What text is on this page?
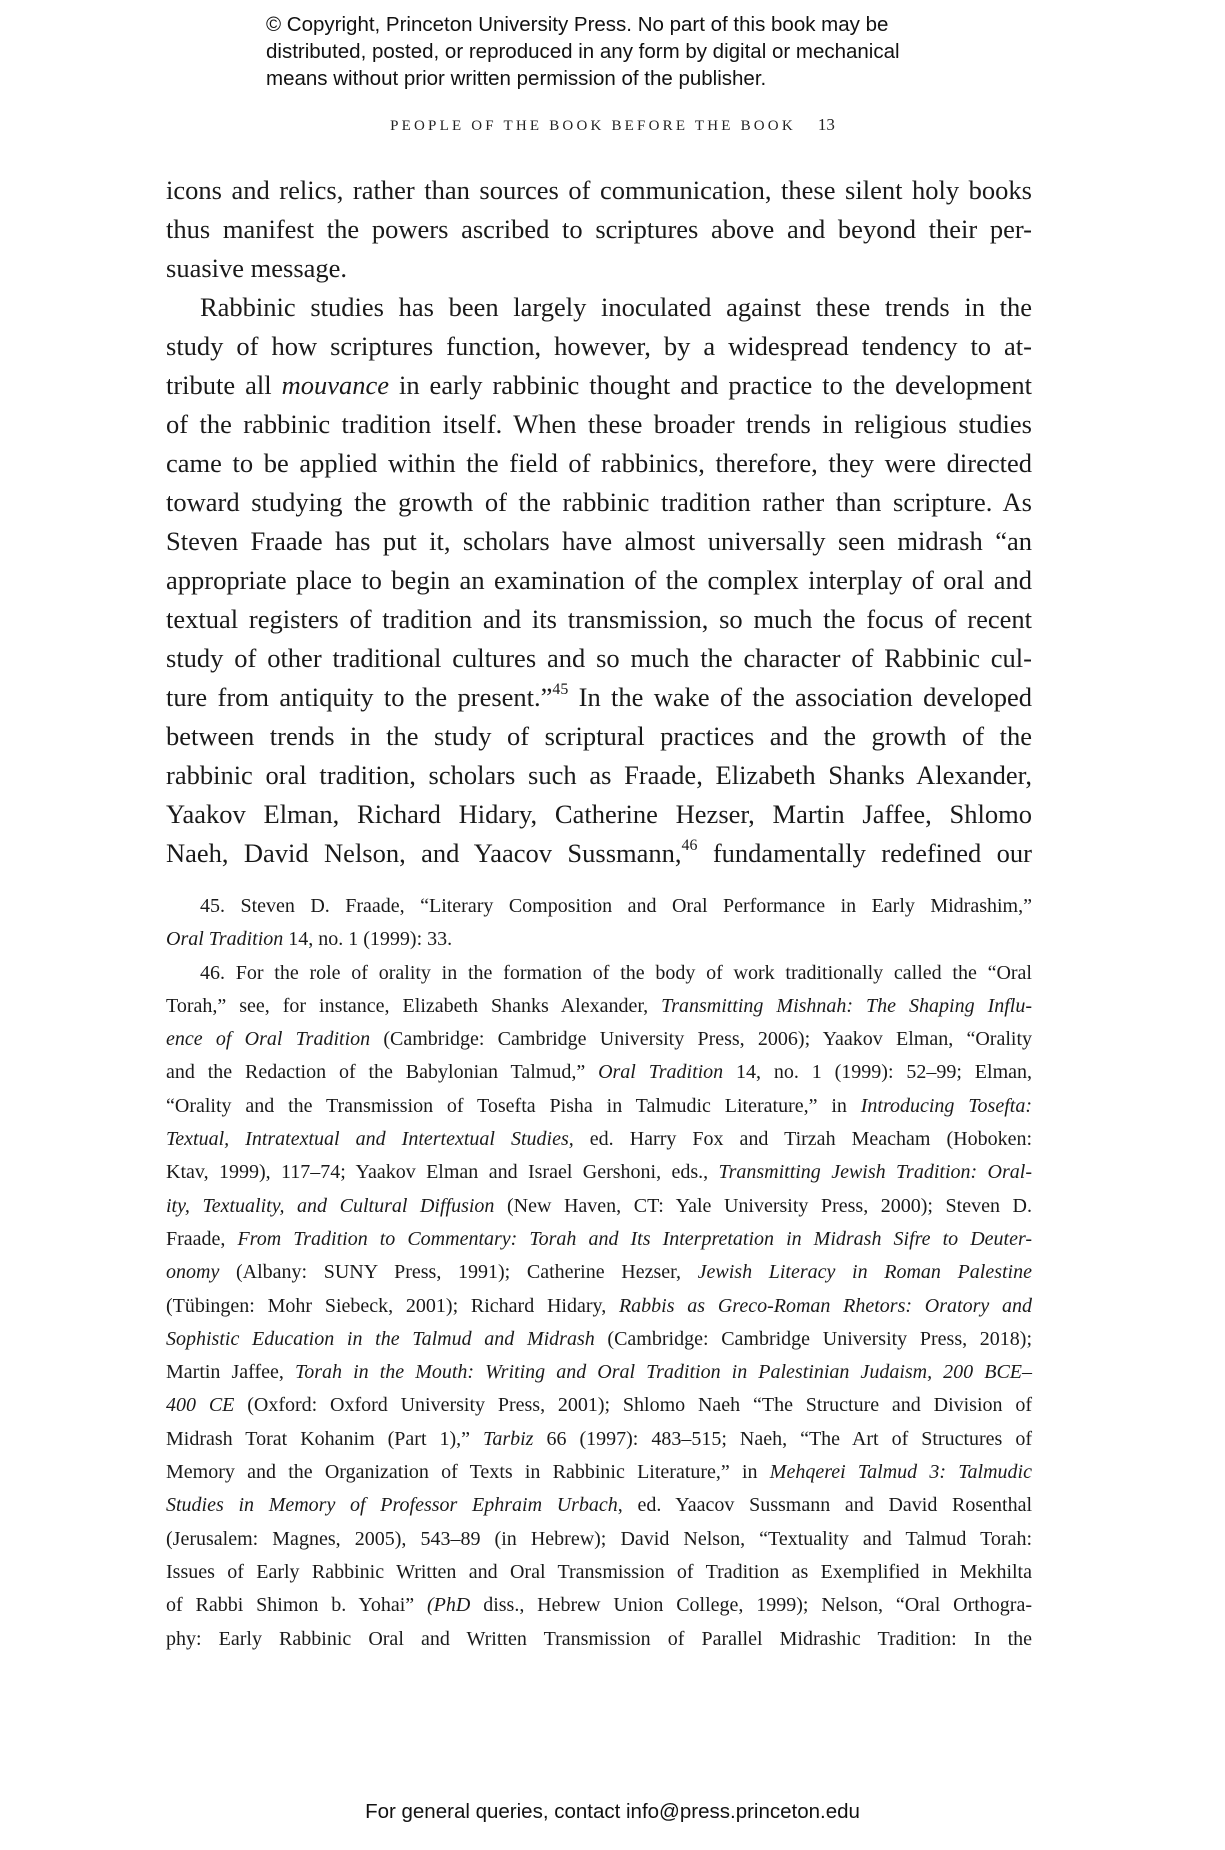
© Copyright, Princeton University Press. No part of this book may be
distributed, posted, or reproduced in any form by digital or mechanical
means without prior written permission of the publisher.
PEOPLE OF THE BOOK BEFORE THE BOOK 13
icons and relics, rather than sources of communication, these silent holy books
thus manifest the powers ascribed to scriptures above and beyond their per-
suasive message.
Rabbinic studies has been largely inoculated against these trends in the
study of how scriptures function, however, by a widespread tendency to at-
tribute all mouvance in early rabbinic thought and practice to the development
of the rabbinic tradition itself. When these broader trends in religious studies
came to be applied within the field of rabbinics, therefore, they were directed
toward studying the growth of the rabbinic tradition rather than scripture. As
Steven Fraade has put it, scholars have almost universally seen midrash “an
appropriate place to begin an examination of the complex interplay of oral and
textual registers of tradition and its transmission, so much the focus of recent
study of other traditional cultures and so much the character of Rabbinic cul-
ture from antiquity to the present.”$^{45}$ In the wake of the association developed
between trends in the study of scriptural practices and the growth of the
rabbinic oral tradition, scholars such as Fraade, Elizabeth Shanks Alexander,
Yaakov Elman, Richard Hidary, Catherine Hezser, Martin Jaffee, Shlomo
Naeh, David Nelson, and Yaacov Sussmann,$^{46}$ fundamentally redefined our
45. Steven D. Fraade, “Literary Composition and Oral Performance in Early Midrashim,”
Oral Tradition 14, no. 1 (1999): 33.
46. For the role of orality in the formation of the body of work traditionally called the “Oral
Torah,” see, for instance, Elizabeth Shanks Alexander, Transmitting Mishnah: The Shaping Influ-
ence of Oral Tradition (Cambridge: Cambridge University Press, 2006); Yaakov Elman, “Orality
and the Redaction of the Babylonian Talmud,” Oral Tradition 14, no. 1 (1999): 52–99; Elman,
“Orality and the Transmission of Tosefta Pisha in Talmudic Literature,” in Introducing Tosefta:
Textual, Intratextual and Intertextual Studies, ed. Harry Fox and Tirzah Meacham (Hoboken:
Ktav, 1999), 117–74; Yaakov Elman and Israel Gershoni, eds., Transmitting Jewish Tradition: Oral-
ity, Textuality, and Cultural Diffusion (New Haven, CT: Yale University Press, 2000); Steven D.
Fraade, From Tradition to Commentary: Torah and Its Interpretation in Midrash Sifre to Deuter-
onomy (Albany: SUNY Press, 1991); Catherine Hezser, Jewish Literacy in Roman Palestine
(Tübingen: Mohr Siebeck, 2001); Richard Hidary, Rabbis as Greco-Roman Rhetors: Oratory and
Sophistic Education in the Talmud and Midrash (Cambridge: Cambridge University Press, 2018);
Martin Jaffee, Torah in the Mouth: Writing and Oral Tradition in Palestinian Judaism, 200 BCE–
400 CE (Oxford: Oxford University Press, 2001); Shlomo Naeh “The Structure and Division of
Midrash Torat Kohanim (Part 1),” Tarbiz 66 (1997): 483–515; Naeh, “The Art of Structures of
Memory and the Organization of Texts in Rabbinic Literature,” in Mehqerei Talmud 3: Talmudic
Studies in Memory of Professor Ephraim Urbach, ed. Yaacov Sussmann and David Rosenthal
(Jerusalem: Magnes, 2005), 543–89 (in Hebrew); David Nelson, “Textuality and Talmud Torah:
Issues of Early Rabbinic Written and Oral Transmission of Tradition as Exemplified in Mekhilta
of Rabbi Shimon b. Yohai” (PhD diss., Hebrew Union College, 1999); Nelson, “Oral Orthogra-
phy: Early Rabbinic Oral and Written Transmission of Parallel Midrashic Tradition: In the
For general queries, contact info@press.princeton.edu
